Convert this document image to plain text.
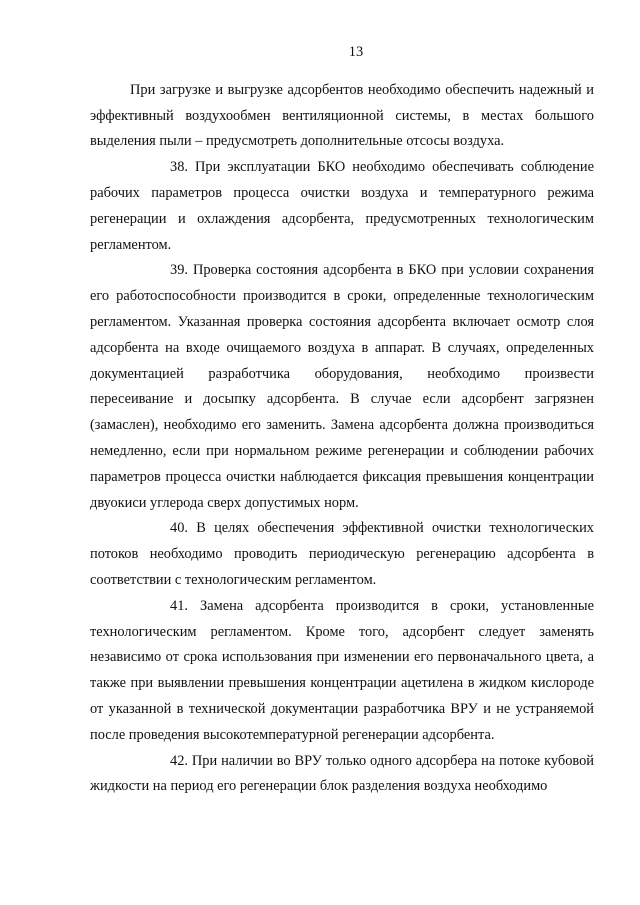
13

При загрузке и выгрузке адсорбентов необходимо обеспечить надежный и эффективный воздухообмен вентиляционной системы, в местах большого выделения пыли – предусмотреть дополнительные отсосы воздуха.

38. При эксплуатации БКО необходимо обеспечивать соблюдение рабочих параметров процесса очистки воздуха и температурного режима регенерации и охлаждения адсорбента, предусмотренных технологическим регламентом.

39. Проверка состояния адсорбента в БКО при условии сохранения его работоспособности производится в сроки, определенные технологическим регламентом. Указанная проверка состояния адсорбента включает осмотр слоя адсорбента на входе очищаемого воздуха в аппарат. В случаях, определенных документацией разработчика оборудования, необходимо произвести пересеивание и досыпку адсорбента. В случае если адсорбент загрязнен (замаслен), необходимо его заменить. Замена адсорбента должна производиться немедленно, если при нормальном режиме регенерации и соблюдении рабочих параметров процесса очистки наблюдается фиксация превышения концентрации двуокиси углерода сверх допустимых норм.

40. В целях обеспечения эффективной очистки технологических потоков необходимо проводить периодическую регенерацию адсорбента в соответствии с технологическим регламентом.

41. Замена адсорбента производится в сроки, установленные технологическим регламентом. Кроме того, адсорбент следует заменять независимо от срока использования при изменении его первоначального цвета, а также при выявлении превышения концентрации ацетилена в жидком кислороде от указанной в технической документации разработчика ВРУ и не устраняемой после проведения высокотемпературной регенерации адсорбента.

42. При наличии во ВРУ только одного адсорбера на потоке кубовой жидкости на период его регенерации блок разделения воздуха необходимо
